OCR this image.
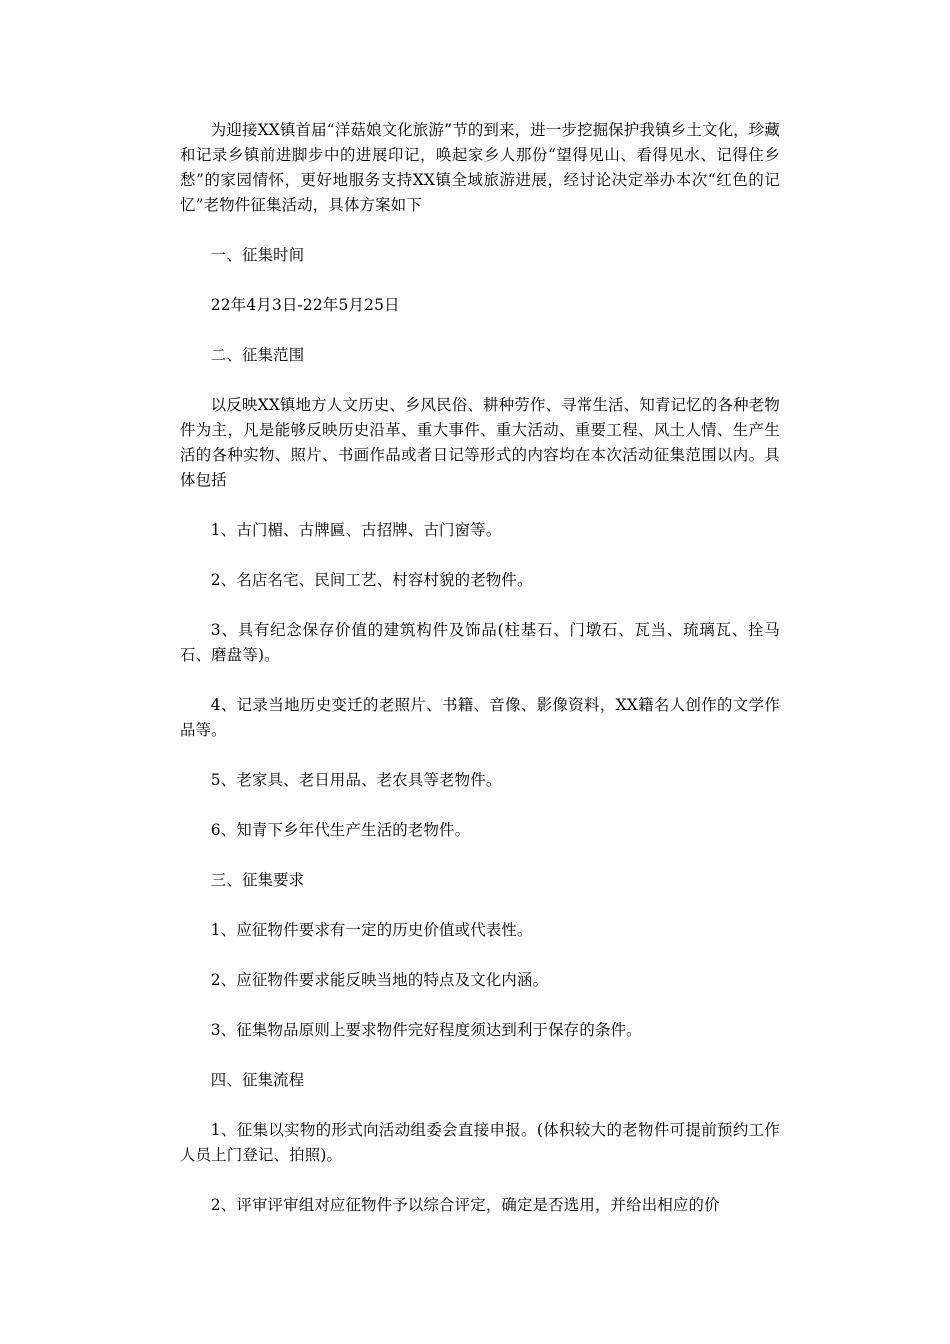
为迎接XX镇首届“洋菇娘文化旅游”节的到来，进一步挖掘保护我镇乡土文化，珍藏和记录乡镇前进脚步中的进展印记，唤起家乡人那份“望得见山、看得见水、记得住乡愁”的家园情怀，更好地服务支持XX镇全域旅游进展，经讨论决定举办本次“红色的记忆”老物件征集活动，具体方案如下

一、征集时间

22年4月3日-22年5月25日

二、征集范围

以反映XX镇地方人文历史、乡风民俗、耕种劳作、寻常生活、知青记忆的各种老物件为主，凡是能够反映历史沿革、重大事件、重大活动、重要工程、风土人情、生产生活的各种实物、照片、书画作品或者日记等形式的内容均在本次活动征集范围以内。具体包括

1、古门楣、古牌匾、古招牌、古门窗等。

2、名店名宅、民间工艺、村容村貌的老物件。

3、具有纪念保存价值的建筑构件及饰品(柱基石、门墩石、瓦当、琉璃瓦、拴马石、磨盘等)。

4、记录当地历史变迁的老照片、书籍、音像、影像资料，XX籍名人创作的文学作品等。

5、老家具、老日用品、老农具等老物件。

6、知青下乡年代生产生活的老物件。

三、征集要求

1、应征物件要求有一定的历史价值或代表性。

2、应征物件要求能反映当地的特点及文化内涵。

3、征集物品原则上要求物件完好程度须达到利于保存的条件。

四、征集流程

1、征集以实物的形式向活动组委会直接申报。(体积较大的老物件可提前预约工作人员上门登记、拍照)。

2、评审评审组对应征物件予以综合评定，确定是否选用，并给出相应的价
